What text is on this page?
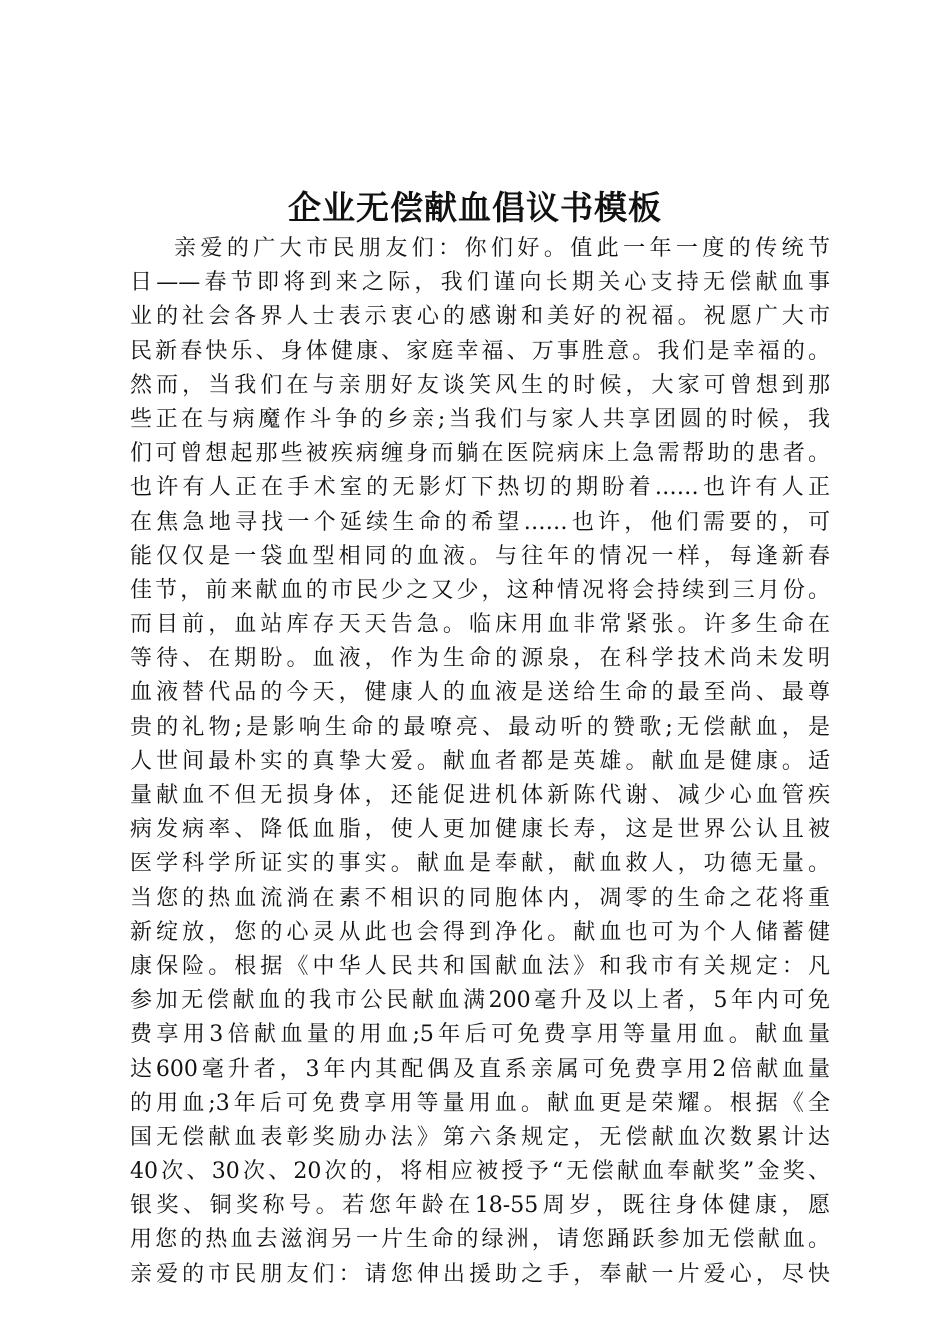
企业无偿献血倡议书模板
亲爱的广大市民朋友们：你们好。值此一年一度的传统节
日——春节即将到来之际，我们谨向长期关心支持无偿献血事
业的社会各界人士表示衷心的感谢和美好的祝福。祝愿广大市
民新春快乐、身体健康、家庭幸福、万事胜意。我们是幸福的。
然而，当我们在与亲朋好友谈笑风生的时候，大家可曾想到那
些正在与病魔作斗争的乡亲;当我们与家人共享团圆的时候，我
们可曾想起那些被疾病缠身而躺在医院病床上急需帮助的患者。
也许有人正在手术室的无影灯下热切的期盼着……也许有人正
在焦急地寻找一个延续生命的希望……也许，他们需要的，可
能仅仅是一袋血型相同的血液。与往年的情况一样，每逢新春
佳节，前来献血的市民少之又少，这种情况将会持续到三月份。
而目前，血站库存天天告急。临床用血非常紧张。许多生命在
等待、在期盼。血液，作为生命的源泉，在科学技术尚未发明
血液替代品的今天，健康人的血液是送给生命的最至尚、最尊
贵的礼物;是影响生命的最嘹亮、最动听的赞歌;无偿献血，是
人世间最朴实的真挚大爱。献血者都是英雄。献血是健康。适
量献血不但无损身体，还能促进机体新陈代谢、减少心血管疾
病发病率、降低血脂，使人更加健康长寿，这是世界公认且被
医学科学所证实的事实。献血是奉献，献血救人，功德无量。
当您的热血流淌在素不相识的同胞体内，凋零的生命之花将重
新绽放，您的心灵从此也会得到净化。献血也可为个人储蓄健
康保险。根据《中华人民共和国献血法》和我市有关规定：凡
参加无偿献血的我市公民献血满200毫升及以上者，5年内可免
费享用3倍献血量的用血;5年后可免费享用等量用血。献血量
达600毫升者，3年内其配偶及直系亲属可免费享用2倍献血量
的用血;3年后可免费享用等量用血。献血更是荣耀。根据《全
国无偿献血表彰奖励办法》第六条规定，无偿献血次数累计达
40次、30次、20次的，将相应被授予“无偿献血奉献奖”金奖、
银奖、铜奖称号。若您年龄在18-55周岁，既往身体健康，愿
用您的热血去滋润另一片生命的绿洲，请您踊跃参加无偿献血。
亲爱的市民朋友们：请您伸出援助之手，奉献一片爱心，尽快
